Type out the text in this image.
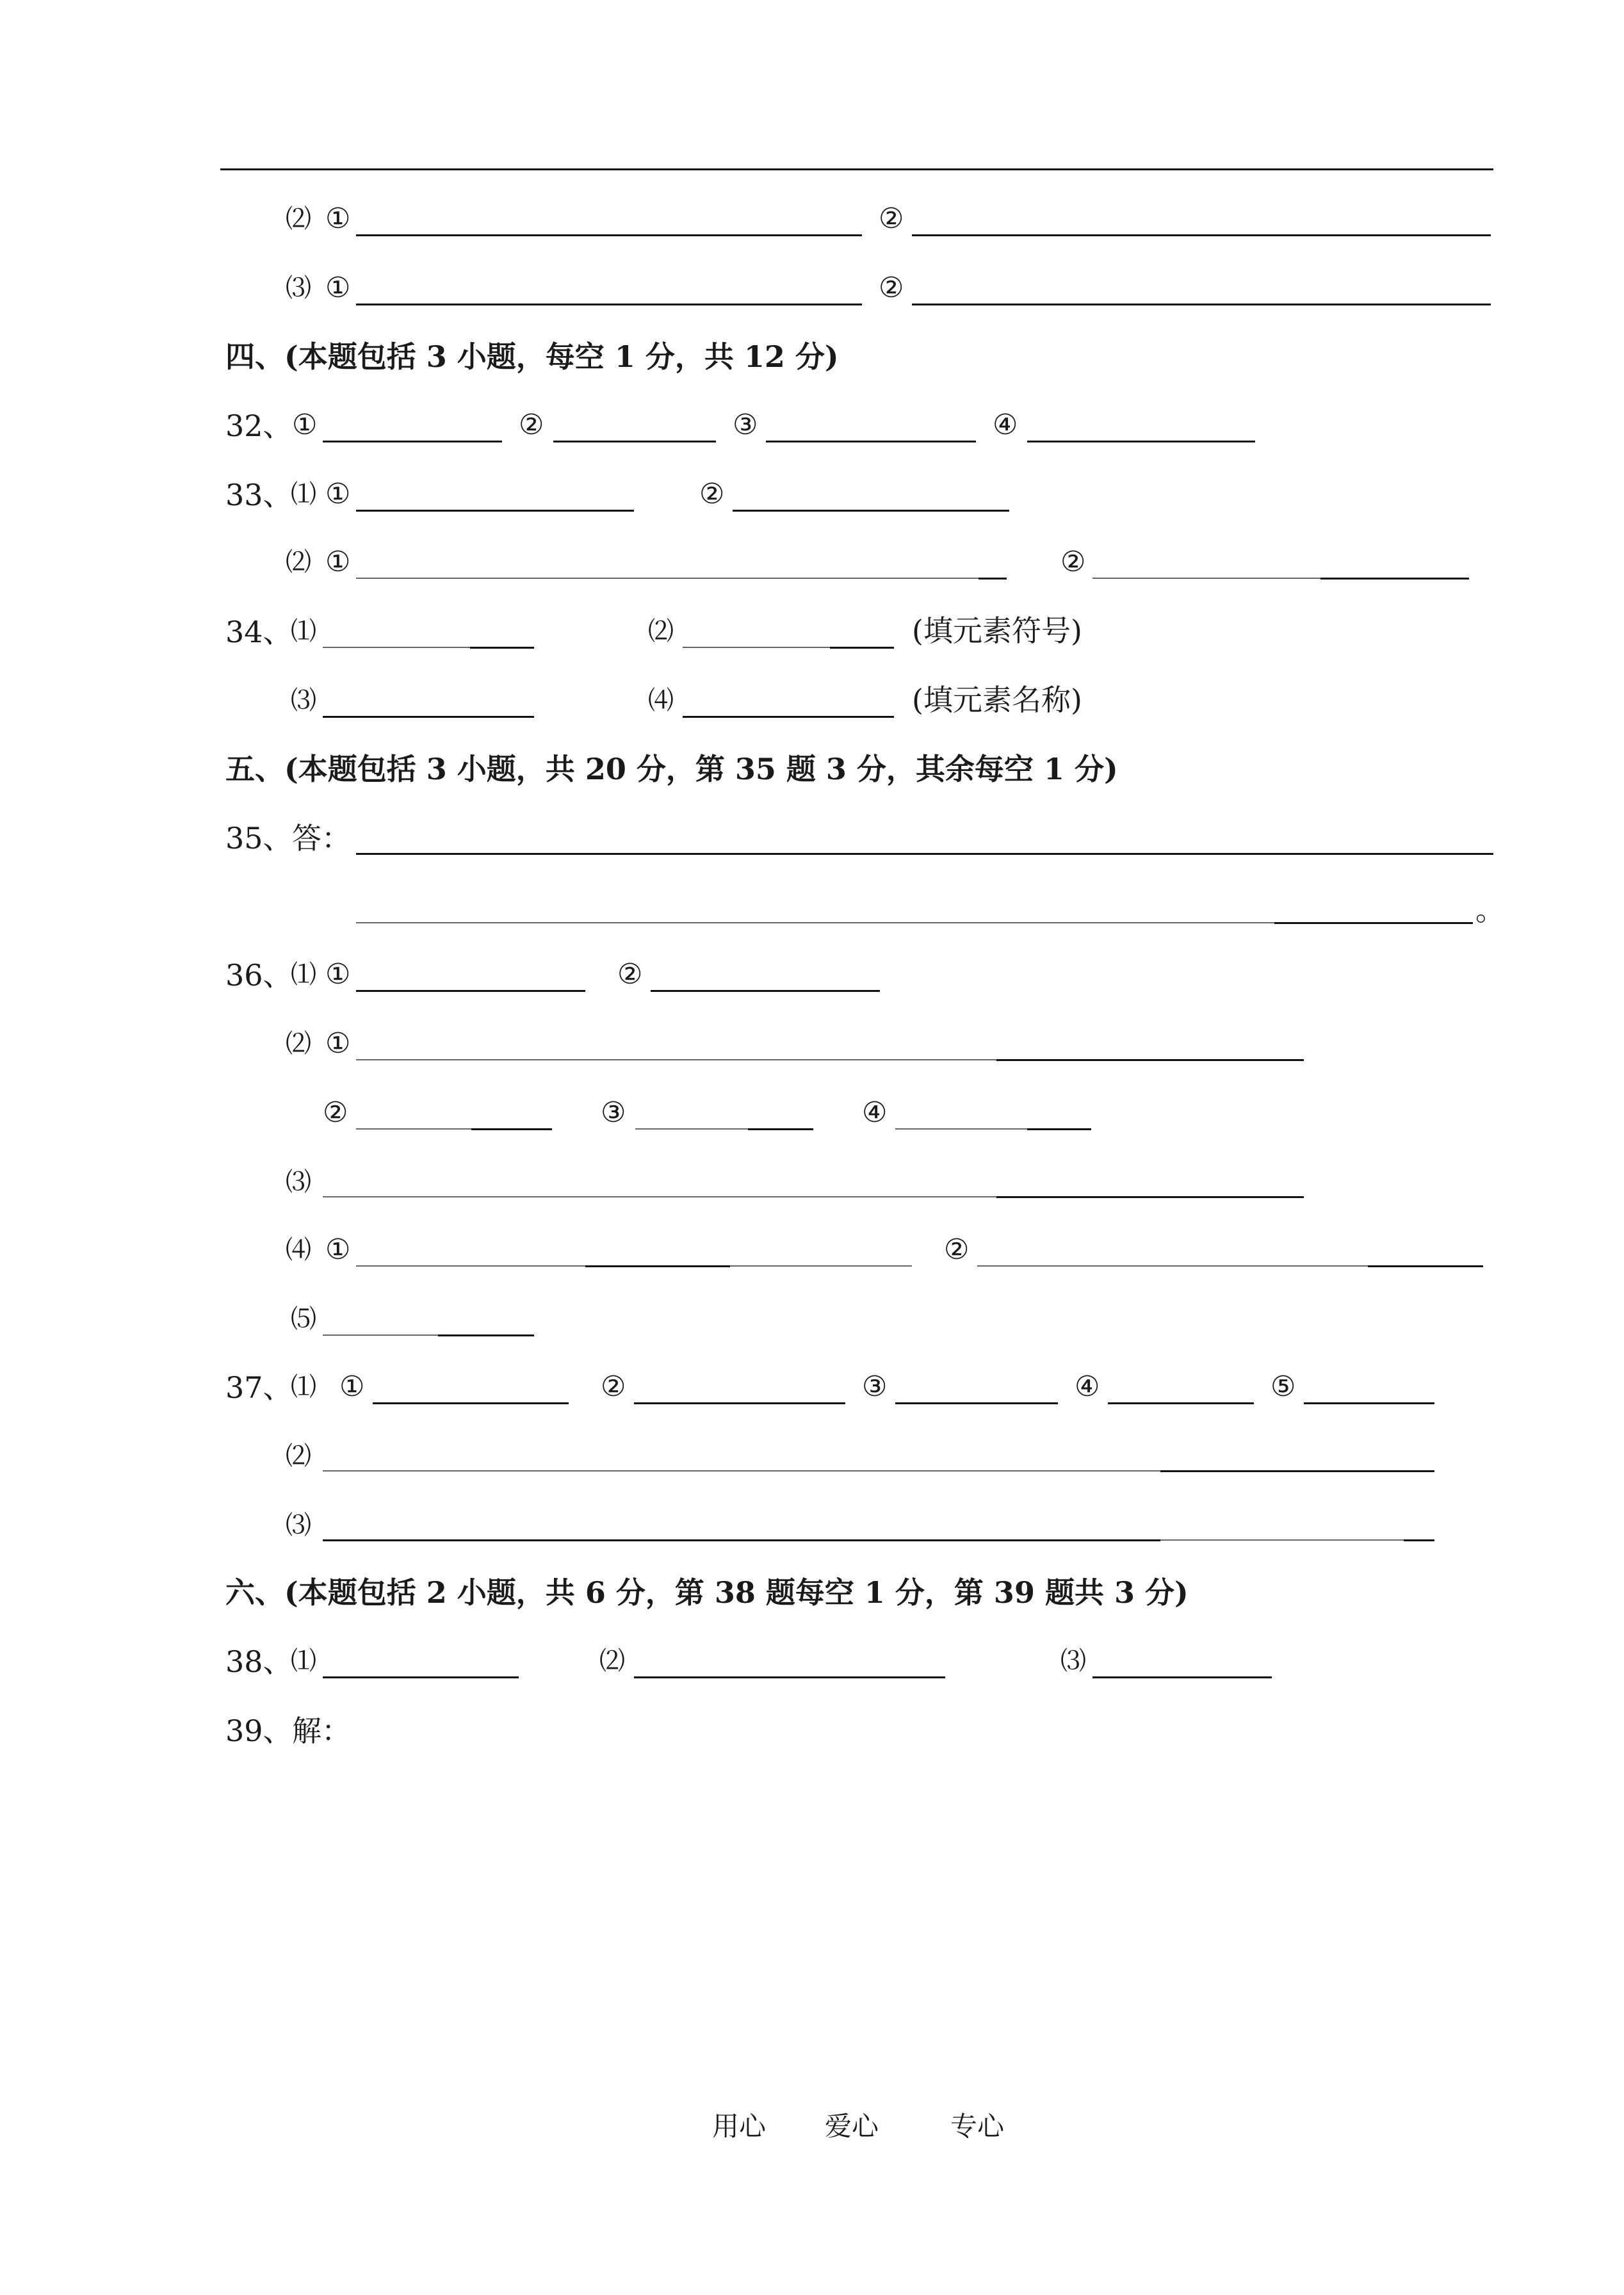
⑵ ①	②
⑶ ①	②
四、(本题包括 3 小题，每空 1 分，共 12 分)
32、 ①	②	③	④
33、
⑴ ①	②
⑵ ①	②
34、
⑴	⑵	(填元素符号)
⑶	⑷	(填元素名称)
五、(本题包括 3 小题，共 20 分，第 35 题 3 分，其余每空 1 分)
35、 答：
。
36、
⑴ ①	②
⑵ ①
②	③	④
⑶
⑷ ①	②
⑸
37、
⑴ ①	②	③	④	⑤
⑵
⑶
六、(本题包括 2 小题，共 6 分，第 38 题每空 1 分，第 39 题共 3 分)
38、
⑴	⑵	⑶
39、 解：
用心 爱心	专心
